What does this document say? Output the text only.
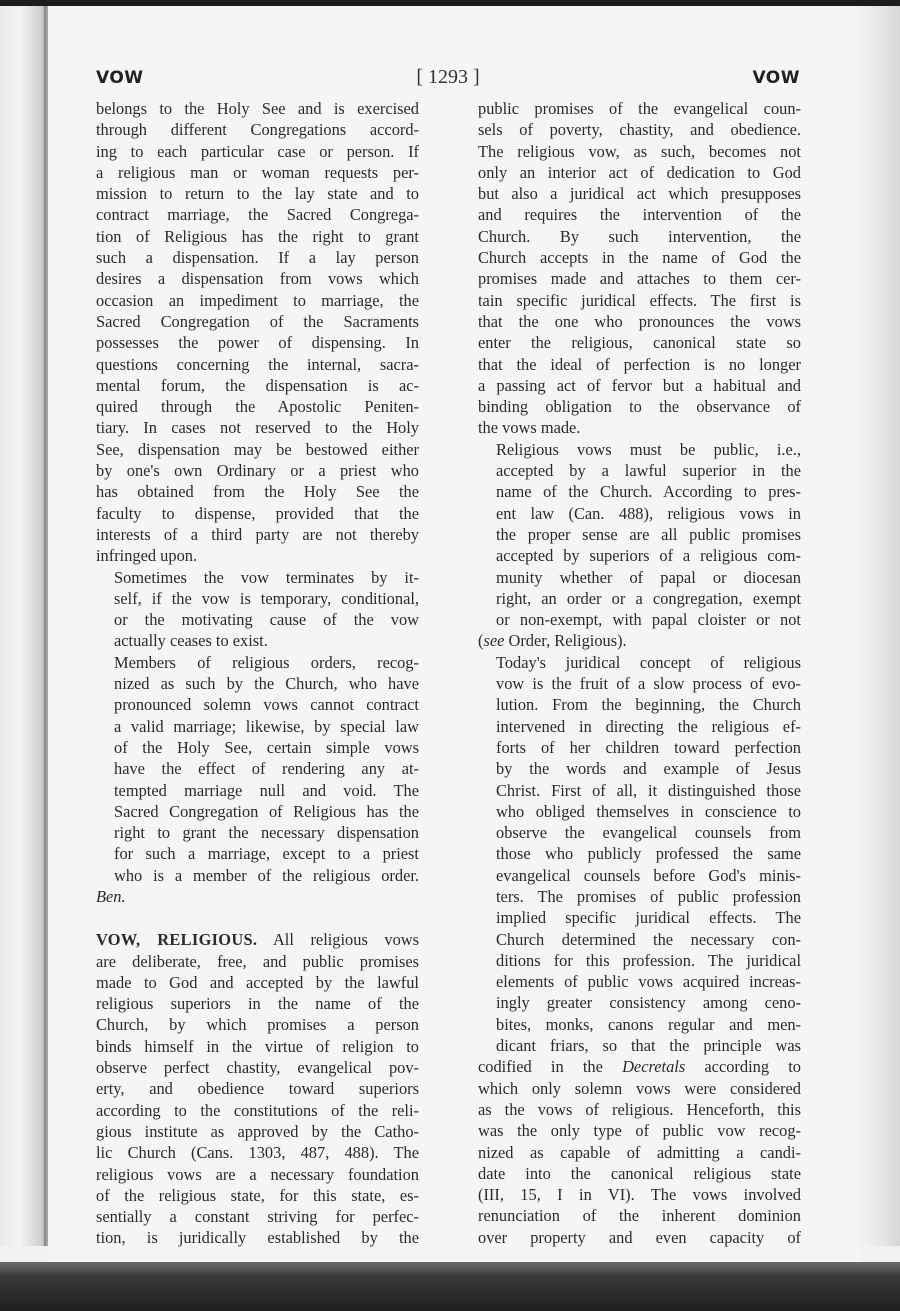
VOW	[ 1293 ]	VOW

belongs to the Holy See and is exercised
through different Congregations accord-
ing to each particular case or person. If
a religious man or woman requests per-
mission to return to the lay state and to
contract marriage, the Sacred Congrega-
tion of Religious has the right to grant
such a dispensation. If a lay person
desires a dispensation from vows which
occasion an impediment to marriage, the
Sacred Congregation of the Sacraments
possesses the power of dispensing. In
questions concerning the internal, sacra-
mental forum, the dispensation is ac-
quired through the Apostolic Peniten-
tiary. In cases not reserved to the Holy
See, dispensation may be bestowed either
by one's own Ordinary or a priest who
has obtained from the Holy See the
faculty to dispense, provided that the
interests of a third party are not thereby
infringed upon.

Sometimes the vow terminates by it-
self, if the vow is temporary, conditional,
or the motivating cause of the vow
actually ceases to exist.

Members of religious orders, recog-
nized as such by the Church, who have
pronounced solemn vows cannot contract
a valid marriage; likewise, by special law
of the Holy See, certain simple vows
have the effect of rendering any at-
tempted marriage null and void. The
Sacred Congregation of Religious has the
right to grant the necessary dispensation
for such a marriage, except to a priest
who is a member of the religious order.

Ben.

VOW, RELIGIOUS. All religious vows
are deliberate, free, and public promises
made to God and accepted by the lawful
religious superiors in the name of the
Church, by which promises a person
binds himself in the virtue of religion to
observe perfect chastity, evangelical pov-
erty, and obedience toward superiors
according to the constitutions of the reli-
gious institute as approved by the Catho-
lic Church (Cans. 1303, 487, 488). The
religious vows are a necessary foundation
of the religious state, for this state, es-
sentially a constant striving for perfec-
tion, is juridically established by the

public promises of the evangelical coun-
sels of poverty, chastity, and obedience.
The religious vow, as such, becomes not
only an interior act of dedication to God
but also a juridical act which presupposes
and requires the intervention of the
Church. By such intervention, the
Church accepts in the name of God the
promises made and attaches to them cer-
tain specific juridical effects. The first is
that the one who pronounces the vows
enter the religious, canonical state so
that the ideal of perfection is no longer
a passing act of fervor but a habitual and
binding obligation to the observance of
the vows made.

Religious vows must be public, i.e.,
accepted by a lawful superior in the
name of the Church. According to pres-
ent law (Can. 488), religious vows in
the proper sense are all public promises
accepted by superiors of a religious com-
munity whether of papal or diocesan
right, an order or a congregation, exempt
or non-exempt, with papal cloister or not

(see Order, Religious).

Today's juridical concept of religious
vow is the fruit of a slow process of evo-
lution. From the beginning, the Church
intervened in directing the religious ef-
forts of her children toward perfection
by the words and example of Jesus
Christ. First of all, it distinguished those
who obliged themselves in conscience to
observe the evangelical counsels from
those who publicly professed the same
evangelical counsels before God's minis-
ters. The promises of public profession
implied specific juridical effects. The
Church determined the necessary con-
ditions for this profession. The juridical
elements of public vows acquired increas-
ingly greater consistency among ceno-
bites, monks, canons regular and men-
dicant friars, so that the principle was

codified in the Decretals according to
which only solemn vows were considered
as the vows of religious. Henceforth, this
was the only type of public vow recog-
nized as capable of admitting a candi-
date into the canonical religious state
(III, 15, I in VI). The vows involved
renunciation of the inherent dominion
over property and even capacity of
